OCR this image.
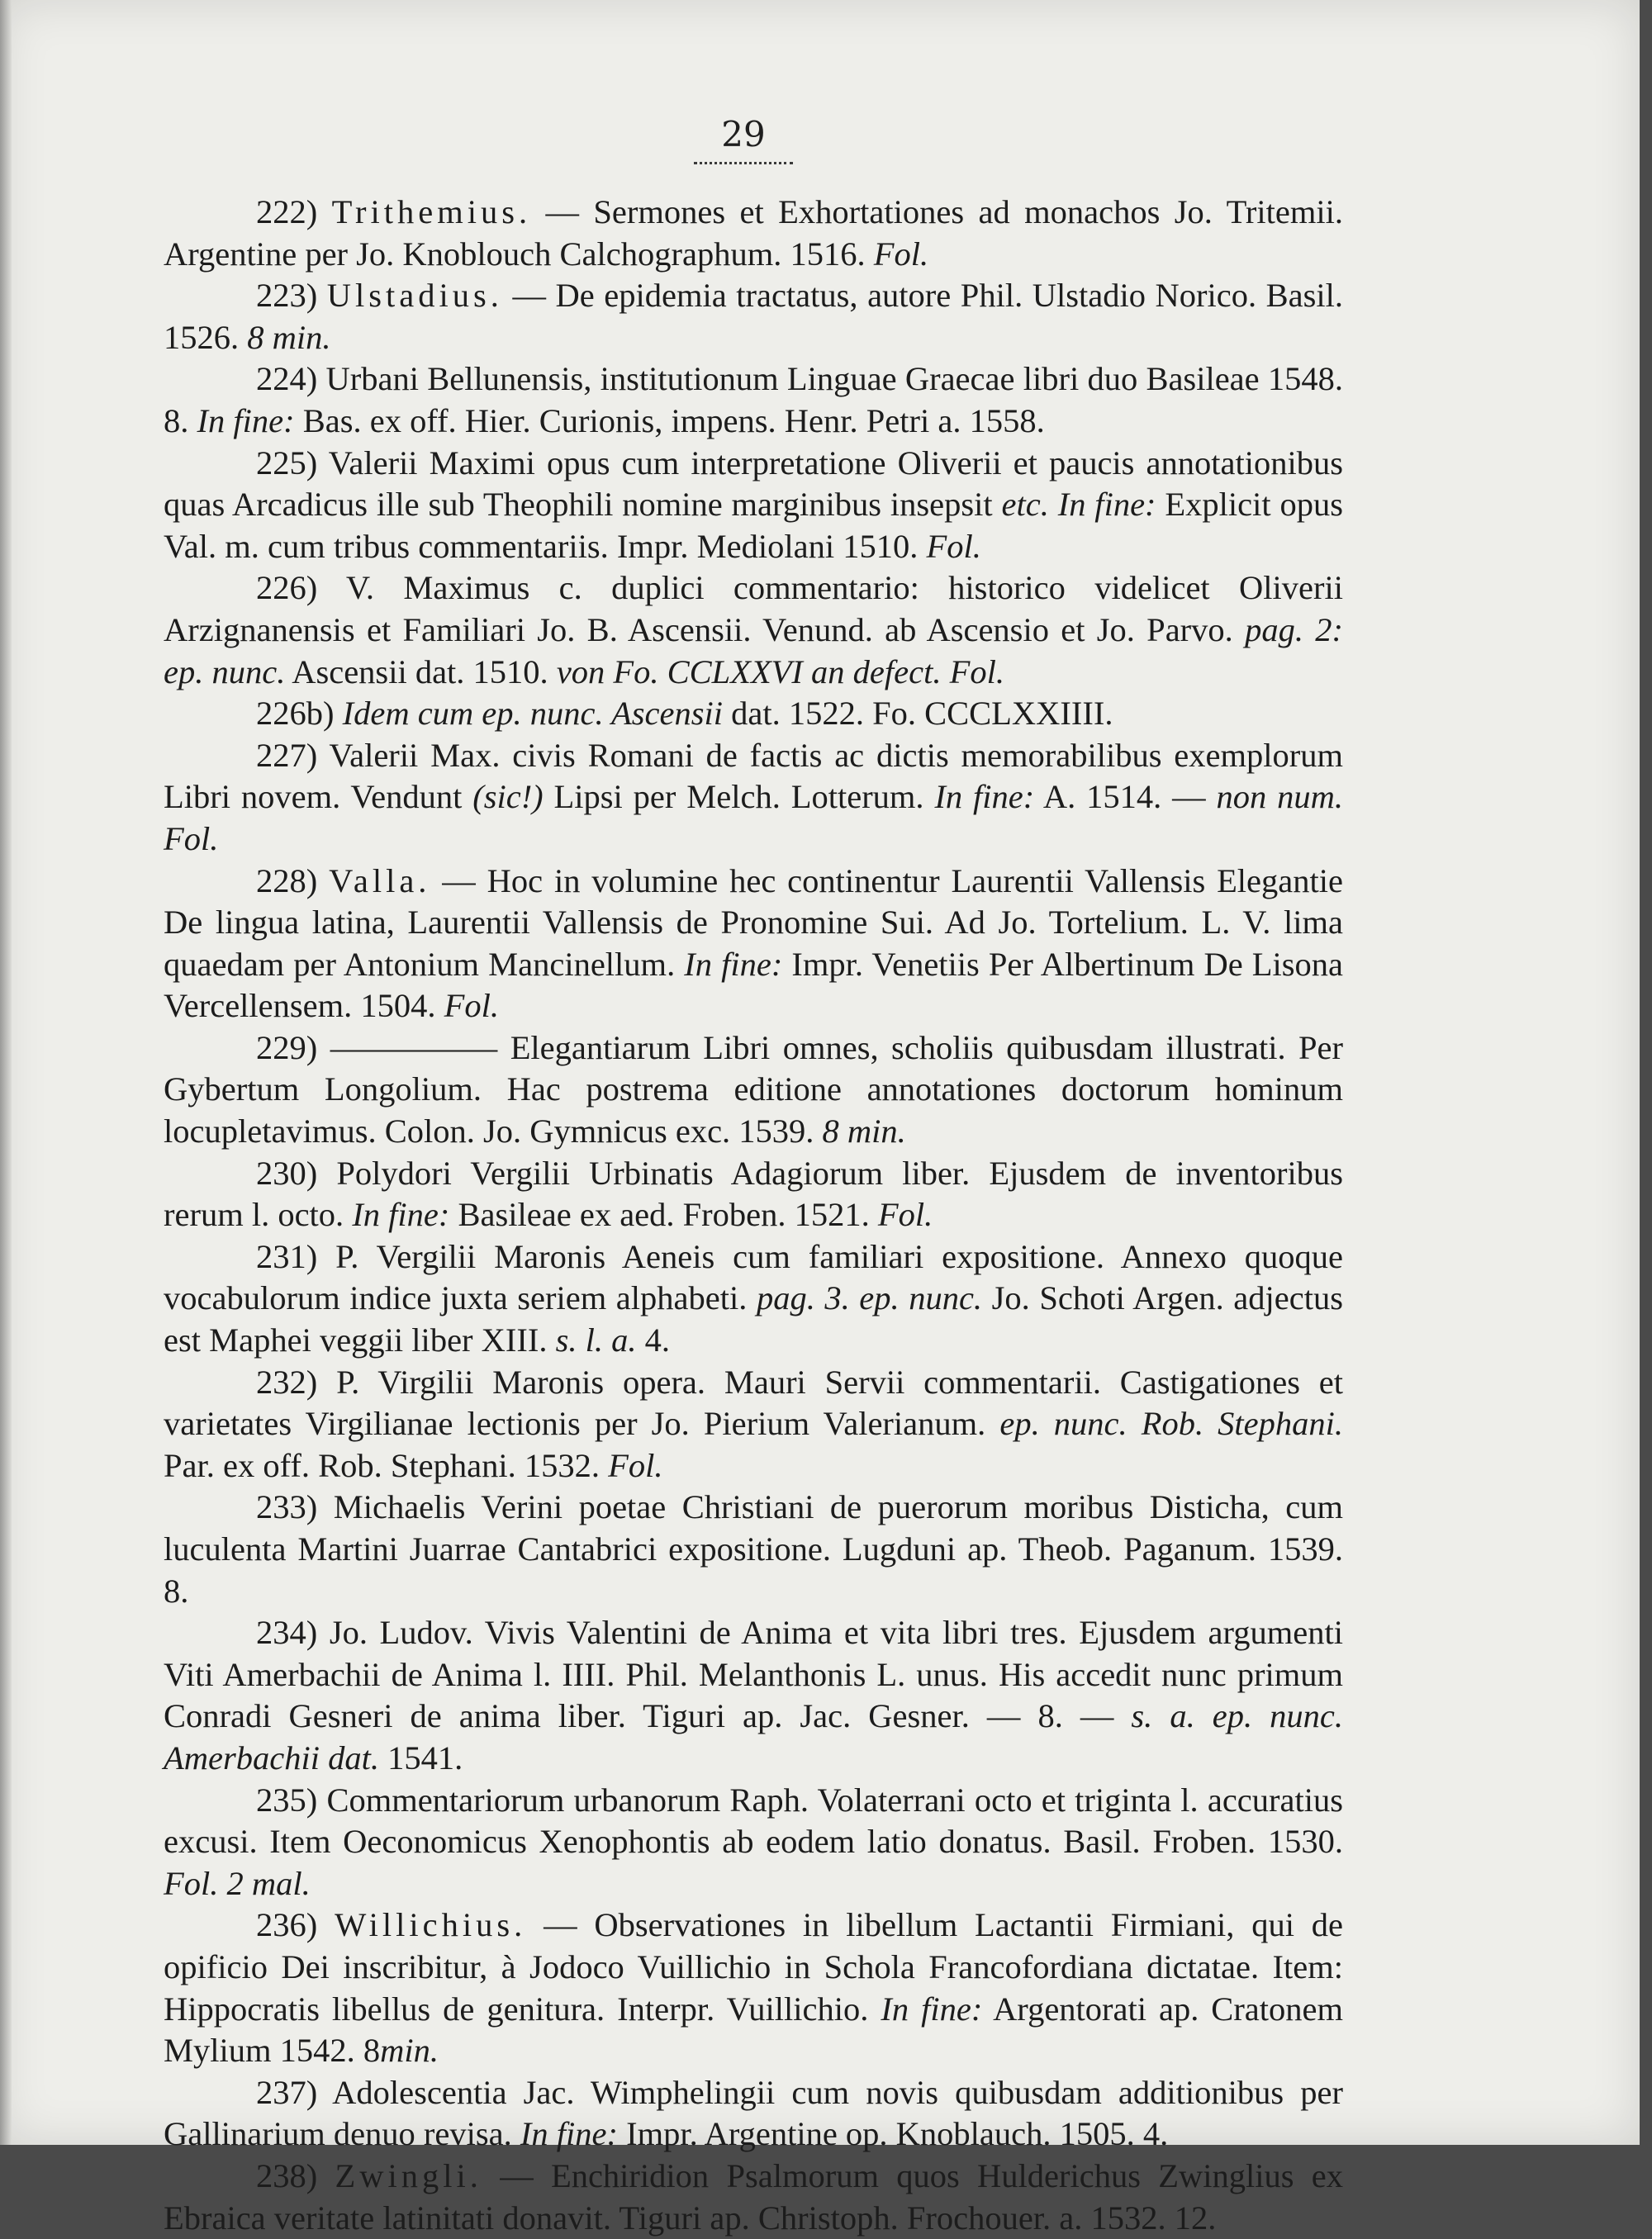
29

222) Trithemius. — Sermones et Exhortationes ad monachos Jo. Tritemii. Argentine per Jo. Knoblouch Calchographum. 1516. Fol.

223) Ulstadius. — De epidemia tractatus, autore Phil. Ulstadio Norico. Basil. 1526. 8 min.

224) Urbani Bellunensis, institutionum Linguae Graecae libri duo Basileae 1548. 8. In fine: Bas. ex off. Hier. Curionis, impens. Henr. Petri a. 1558.

225) Valerii Maximi opus cum interpretatione Oliverii et paucis annotationibus quas Arcadicus ille sub Theophili nomine marginibus insepsit etc. In fine: Explicit opus Val. m. cum tribus commentariis. Impr. Mediolani 1510. Fol.

226) V. Maximus c. duplici commentario: historico videlicet Oliverii Arzignanensis et Familiari Jo. B. Ascensii. Venund. ab Ascensio et Jo. Parvo. pag. 2: ep. nunc. Ascensii dat. 1510. von Fo. CCLXXVI an defect. Fol.

226b) Idem cum ep. nunc. Ascensii dat. 1522. Fo. CCCLXXIIII.

227) Valerii Max. civis Romani de factis ac dictis memorabilibus exemplorum Libri novem. Vendunt (sic!) Lipsi per Melch. Lotterum. In fine: A. 1514. — non num. Fol.

228) Valla. — Hoc in volumine hec continentur Laurentii Vallensis Elegantie De lingua latina, Laurentii Vallensis de Pronomine Sui. Ad Jo. Tortelium. L. V. lima quaedam per Antonium Mancinellum. In fine: Impr. Venetiis Per Albertinum De Lisona Vercellensem. 1504. Fol.

229) ————— Elegantiarum Libri omnes, scholiis quibusdam illustrati. Per Gybertum Longolium. Hac postrema editione annotationes doctorum hominum locupletavimus. Colon. Jo. Gymnicus exc. 1539. 8 min.

230) Polydori Vergilii Urbinatis Adagiorum liber. Ejusdem de inventoribus rerum l. octo. In fine: Basileae ex aed. Froben. 1521. Fol.

231) P. Vergilii Maronis Aeneis cum familiari expositione. Annexo quoque vocabulorum indice juxta seriem alphabeti. pag. 3. ep. nunc. Jo. Schoti Argen. adjectus est Maphei veggii liber XIII. s. l. a. 4.

232) P. Virgilii Maronis opera. Mauri Servii commentarii. Castigationes et varietates Virgilianae lectionis per Jo. Pierium Valerianum. ep. nunc. Rob. Stephani. Par. ex off. Rob. Stephani. 1532. Fol.

233) Michaelis Verini poetae Christiani de puerorum moribus Disticha, cum luculenta Martini Juarrae Cantabrici expositione. Lugduni ap. Theob. Paganum. 1539. 8.

234) Jo. Ludov. Vivis Valentini de Anima et vita libri tres. Ejusdem argumenti Viti Amerbachii de Anima l. IIII. Phil. Melanthonis L. unus. His accedit nunc primum Conradi Gesneri de anima liber. Tiguri ap. Jac. Gesner. — 8. — s. a. ep. nunc. Amerbachii dat. 1541.

235) Commentariorum urbanorum Raph. Volaterrani octo et triginta l. accuratius excusi. Item Oeconomicus Xenophontis ab eodem latio donatus. Basil. Froben. 1530. Fol. 2 mal.

236) Willichius. — Observationes in libellum Lactantii Firmiani, qui de opificio Dei inscribitur, à Jodoco Vuillichio in Schola Francofordiana dictatae. Item: Hippocratis libellus de genitura. Interpr. Vuillichio. In fine: Argentorati ap. Cratonem Mylium 1542. 8min.

237) Adolescentia Jac. Wimphelingii cum novis quibusdam additionibus per Gallinarium denuo revisa. In fine: Impr. Argentine op. Knoblauch. 1505. 4.

238) Zwingli. — Enchiridion Psalmorum quos Hulderichus Zwinglius ex Ebraica veritate latinitati donavit. Tiguri ap. Christoph. Frochouer. a. 1532. 12.
